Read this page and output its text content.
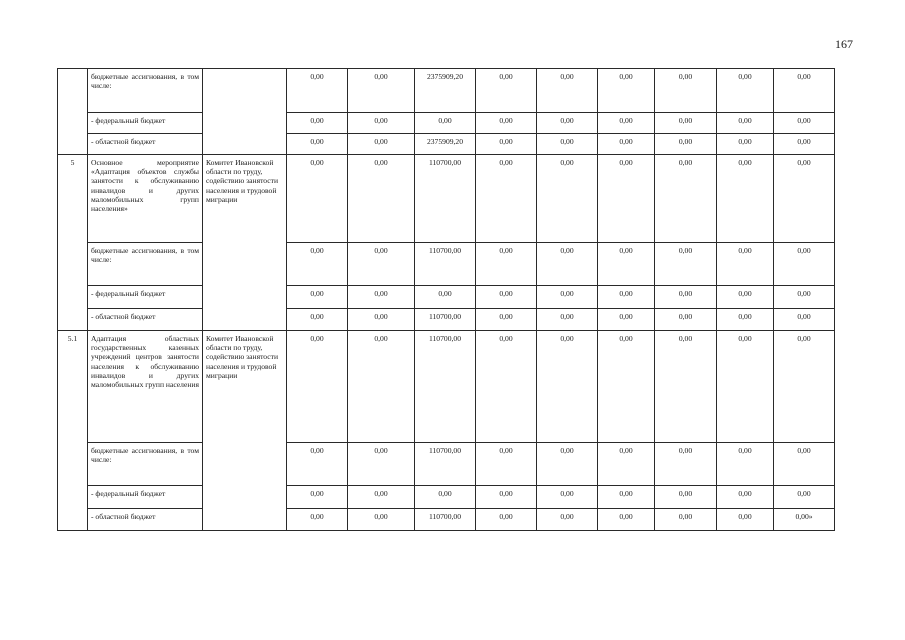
167
	бюджетные ассигнования, в том числе:		0,00	0,00	2375909,20	0,00	0,00	0,00	0,00	0,00	0,00
	- федеральный бюджет		0,00	0,00	0,00	0,00	0,00	0,00	0,00	0,00	0,00
	- областной бюджет		0,00	0,00	2375909,20	0,00	0,00	0,00	0,00	0,00	0,00
5	Основное мероприятие «Адаптация объектов службы занятости к обслуживанию инвалидов и других маломобильных групп населения»	Комитет Ивановской области по труду, содействию занятости населения и трудовой миграции	0,00	0,00	110700,00	0,00	0,00	0,00	0,00	0,00	0,00
	бюджетные ассигнования, в том числе:		0,00	0,00	110700,00	0,00	0,00	0,00	0,00	0,00	0,00
	- федеральный бюджет		0,00	0,00	0,00	0,00	0,00	0,00	0,00	0,00	0,00
	- областной бюджет		0,00	0,00	110700,00	0,00	0,00	0,00	0,00	0,00	0,00
5.1	Адаптация областных государственных казенных учреждений центров занятости населения к обслуживанию инвалидов и других маломобильных групп населения	Комитет Ивановской области по труду, содействию занятости населения и трудовой миграции	0,00	0,00	110700,00	0,00	0,00	0,00	0,00	0,00	0,00
	бюджетные ассигнования, в том числе:		0,00	0,00	110700,00	0,00	0,00	0,00	0,00	0,00	0,00
	- федеральный бюджет		0,00	0,00	0,00	0,00	0,00	0,00	0,00	0,00	0,00
	- областной бюджет		0,00	0,00	110700,00	0,00	0,00	0,00	0,00	0,00	0,00»
